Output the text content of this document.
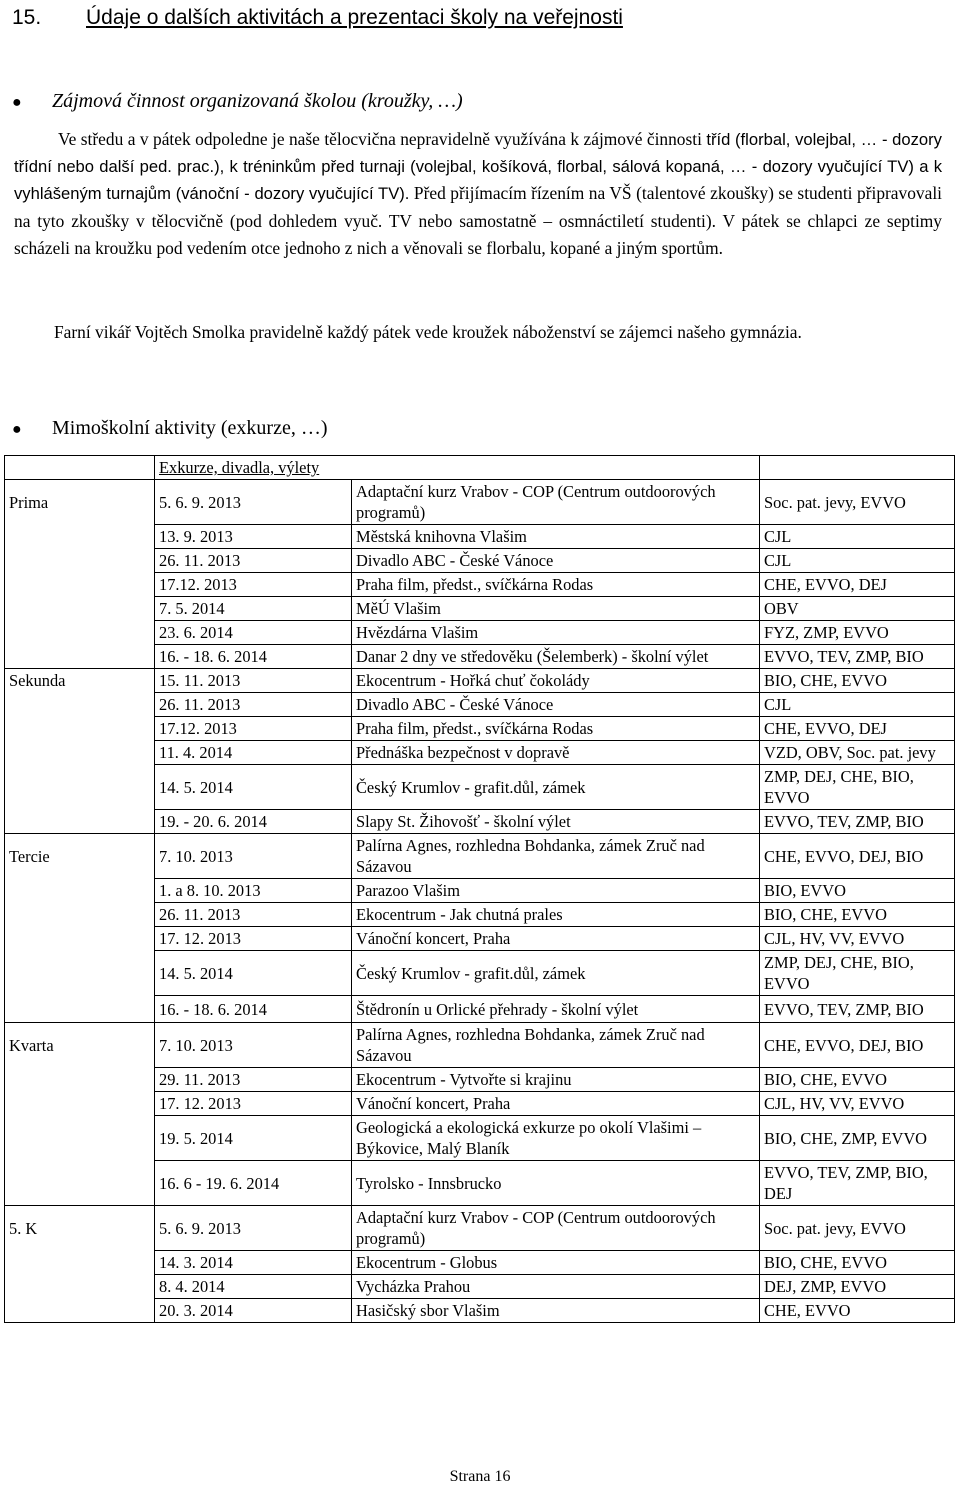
15. Údaje o dalších aktivitách a prezentaci školy na veřejnosti
● Zájmová činnost organizovaná školou (kroužky, …)

Ve středu a v pátek odpoledne je naše tělocvična nepravidelně využívána k zájmové činnosti tříd (florbal, volejbal, … - dozory třídní nebo další ped. prac.), k tréninkům před turnaji (volejbal, košíková, florbal, sálová kopaná, … - dozory vyučující TV) a k vyhlášeným turnajům (vánoční - dozory vyučující TV). Před přijímacím řízením na VŠ (talentové zkoušky) se studenti připravovali na tyto zkoušky v tělocvičně (pod dohledem vyuč. TV nebo samostatně – osmnáctiletí studenti). V pátek se chlapci ze septimy scházeli na kroužku pod vedením otce jednoho z nich a věnovali se florbalu, kopané a jiným sportům.

Farní vikář Vojtěch Smolka pravidelně každý pátek vede kroužek náboženství se zájemci našeho gymnázia.

● Mimoškolní aktivity (exkurze, …)
	Exkurze, divadla, výlety		
Prima	5. 6. 9. 2013	Adaptační kurz Vrabov - COP (Centrum outdoorových programů)	Soc. pat. jevy, EVVO
	13. 9. 2013	Městská knihovna Vlašim	CJL
	26. 11. 2013	Divadlo ABC - České Vánoce	CJL
	17.12. 2013	Praha film, předst., svíčkárna Rodas	CHE, EVVO, DEJ
	7. 5. 2014	MěÚ Vlašim	OBV
	23. 6. 2014	Hvězdárna Vlašim	FYZ, ZMP, EVVO
	16. - 18. 6. 2014	Danar 2 dny ve středověku (Šelemberk) - školní výlet	EVVO, TEV, ZMP, BIO
Sekunda	15. 11. 2013	Ekocentrum - Hořká chuť čokolády	BIO, CHE, EVVO
	26. 11. 2013	Divadlo ABC - České Vánoce	CJL
	17.12. 2013	Praha film, předst., svíčkárna Rodas	CHE, EVVO, DEJ
	11. 4. 2014	Přednáška bezpečnost v dopravě	VZD, OBV, Soc. pat. jevy
	14. 5. 2014	Český Krumlov - grafit.důl, zámek	ZMP, DEJ, CHE, BIO, EVVO
	19. - 20. 6. 2014	Slapy St. Žihovošť - školní výlet	EVVO, TEV, ZMP, BIO
Tercie	7. 10. 2013	Palírna Agnes, rozhledna Bohdanka, zámek Zruč nad Sázavou	CHE, EVVO, DEJ, BIO
	1. a 8. 10. 2013	Parazoo Vlašim	BIO, EVVO
	26. 11. 2013	Ekocentrum - Jak chutná prales	BIO, CHE, EVVO
	17. 12. 2013	Vánoční koncert, Praha	CJL, HV, VV, EVVO
	14. 5. 2014	Český Krumlov - grafit.důl, zámek	ZMP, DEJ, CHE, BIO, EVVO
	16. - 18. 6. 2014	Štědronín u Orlické přehrady - školní výlet	EVVO, TEV, ZMP, BIO
Kvarta	7. 10. 2013	Palírna Agnes, rozhledna Bohdanka, zámek Zruč nad Sázavou	CHE, EVVO, DEJ, BIO
	29. 11. 2013	Ekocentrum - Vytvořte si krajinu	BIO, CHE, EVVO
	17. 12. 2013	Vánoční koncert, Praha	CJL, HV, VV, EVVO
	19. 5. 2014	Geologická a ekologická exkurze po okolí Vlašimi – Býkovice, Malý Blaník	BIO, CHE, ZMP, EVVO
	16. 6 - 19. 6. 2014	Tyrolsko - Innsbrucko	EVVO, TEV, ZMP, BIO, DEJ
5. K	5. 6. 9. 2013	Adaptační kurz Vrabov - COP (Centrum outdoorových programů)	Soc. pat. jevy, EVVO
	14. 3. 2014	Ekocentrum - Globus	BIO, CHE, EVVO
	8. 4. 2014	Vycházka Prahou	DEJ, ZMP, EVVO
	20. 3. 2014	Hasičský sbor Vlašim	CHE, EVVO
Strana 16
